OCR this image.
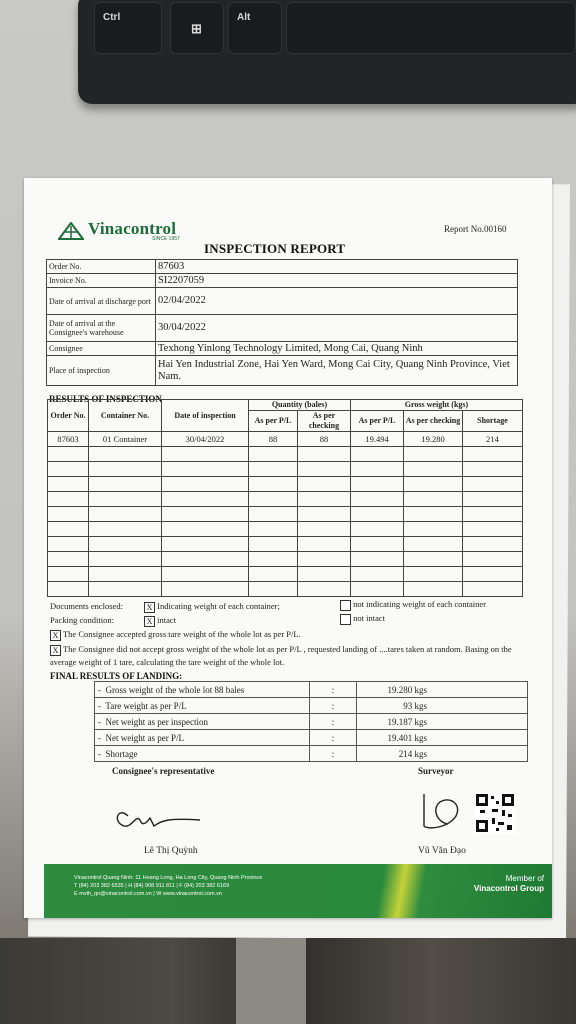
Ctrl
⊞
Alt
Vinacontrol
SINCE 1957
Report No.00160
INSPECTION REPORT
Order No.	87603
Invoice No.	SI2207059
Date of arrival at discharge port	02/04/2022
Date of arrival at the Consignee's warehouse	30/04/2022
Consignee	Texhong Yinlong Technology Limited, Mong Cai, Quang Ninh
Place of inspection	Hai Yen Industrial Zone, Hai Yen Ward, Mong Cai City, Quang Ninh Province, Viet Nam.
RESULTS OF INSPECTION
Order No.	Container No.	Date of inspection	Quantity (bales)		Gross weight (kgs)		
			As per P/L	As per checking	As per P/L	As per checking	Shortage
87603	01 Container	30/04/2022	88	88	19.494	19.280	214

Documents enclosed:	X Indicating weight of each container;	not indicating weight of each container
Packing condition:	X intact	not intact
X The Consignee accepted gross tare weight of the whole lot as per P/L.
X The Consignee did not accept gross weight of the whole lot as per P/L , requested landing of ....tares taken at random. Basing on the average weight of 1 tare, calculating the tare weight of the whole lot.
FINAL RESULTS OF LANDING:
- Gross weight of the whole lot 88 bales	:	19.280 kgs
- Tare weight as per P/L	:	93 kgs
- Net weight as per inspection	:	19.187 kgs
- Net weight as per P/L	:	19.401 kgs
- Shortage	:	214 kgs
Consignee's representative	Surveyor
Lê Thị Quỳnh	Vũ Văn Đạo
Vinacontrol Quang Ninh: 11 Hoang Long, Ha Long City, Quang Ninh Province
T (84) 203 382 6535 | H (84) 908 911 811 | F (84) 203 382 6169
E mvth_qn@vinacontrol.com.vn | W www.vinacontrol.com.vn
Member of
Vinacontrol Group
